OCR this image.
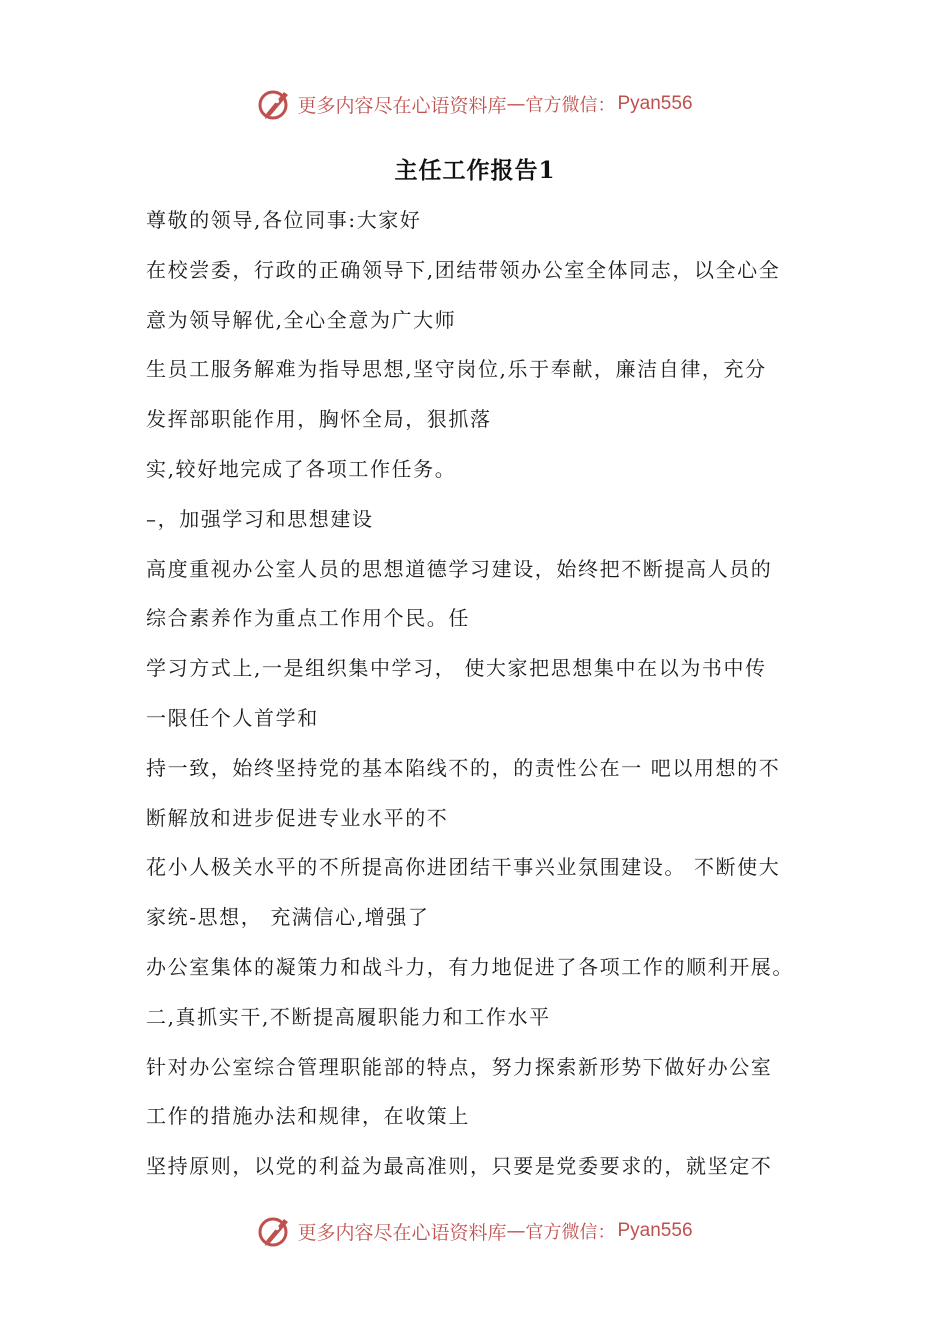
更多内容尽在心语资料库 — 官方微信： Pyan556
主任工作报告1
尊敬的领导,各位同事:大家好
在校尝委，行政的正确领导下,团结带领办公室全体同志，以全心全
意为领导解优,全心全意为广大师
生员工服务解难为指导思想,坚守岗位,乐于奉献，廉洁自律，充分
发挥部职能作用，胸怀全局，狠抓落
实,较好地完成了各项工作任务。
–，加强学习和思想建设
高度重视办公室人员的思想道德学习建设，始终把不断提高人员的
综合素养作为重点工作用个民。任
学习方式上,一是组织集中学习， 使大家把思想集中在以为书中传
一限任个人首学和
持一致，始终坚持党的基本陷线不的，的责性公在一 吧以用想的不
断解放和进步促进专业水平的不
花小人极关水平的不所提高你进团结干事兴业氛围建设。 不断使大
家统-思想， 充满信心,增强了
办公室集体的凝策力和战斗力，有力地促进了各项工作的顺利开展。
二,真抓实干,不断提高履职能力和工作水平
针对办公室综合管理职能部的特点，努力探索新形势下做好办公室
工作的措施办法和规律，在收策上
坚持原则，以党的利益为最高准则，只要是党委要求的，就坚定不
更多内容尽在心语资料库 — 官方微信： Pyan556
